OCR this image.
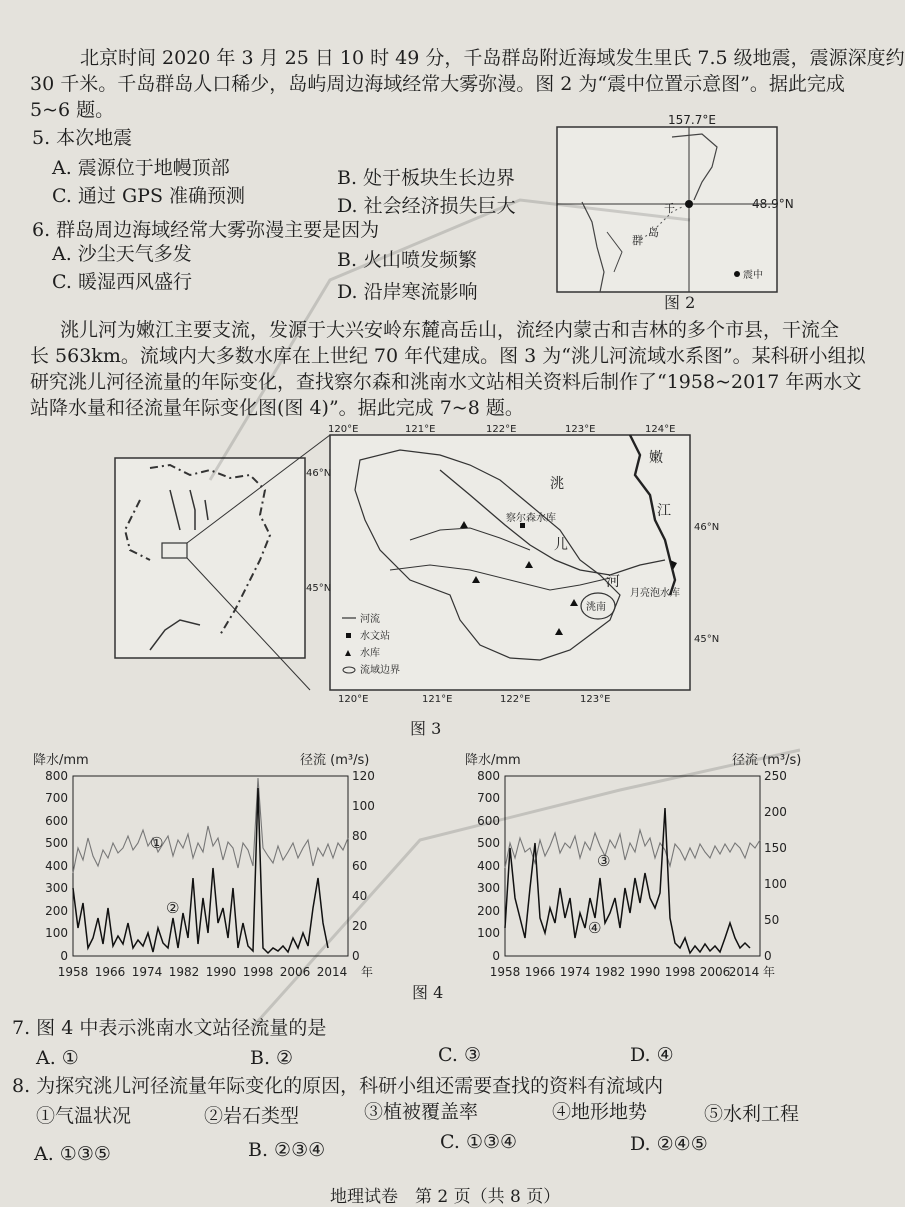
北京时间 2020 年 3 月 25 日 10 时 49 分，千岛群岛附近海域发生里氏 7.5 级地震，震源深度约
30 千米。千岛群岛人口稀少，岛屿周边海域经常大雾弥漫。图 2 为“震中位置示意图”。据此完成
5~6 题。
5. 本次地震
A. 震源位于地幔顶部	B. 处于板块生长边界
C. 通过 GPS 准确预测	D. 社会经济损失巨大
6. 群岛周边海域经常大雾弥漫主要是因为
A. 沙尘天气多发	B. 火山喷发频繁
C. 暖湿西风盛行	D. 沿岸寒流影响
157.7°E
48.9°N
千
岛
群
震中
图 2
洮儿河为嫩江主要支流，发源于大兴安岭东麓高岳山，流经内蒙古和吉林的多个市县，干流全
长 563km。流域内大多数水库在上世纪 70 年代建成。图 3 为“洮儿河流域水系图”。某科研小组拟
研究洮儿河径流量的年际变化，查找察尔森和洮南水文站相关资料后制作了“1958~2017 年两水文
站降水量和径流量年际变化图(图 4)”。据此完成 7~8 题。
120°E	121°E	122°E	123°E	124°E
120°E	121°E	122°E	123°E
46°N
45°N
46°N
45°N
洮
儿
河
嫩
江
察尔森水库
洮南
月亮泡水库
河流
水文站
水库
流域边界
图 3
降水/mm	径流 (m³/s)
800
700
600
500
400
300
200
100
0
120
100
80
60
40
20
0
1958 1966 1974 1982 1990 1998 2006 2014 年
①
②
降水/mm	径流 (m³/s)
800
700
600
500
400
300
200
100
0
250
200
150
100
50
0
1958 1966 1974 1982 1990 1998 2006
2014 年
③
④
图 4
7. 图 4 中表示洮南水文站径流量的是
A. ①	B. ②	C. ③	D. ④
8. 为探究洮儿河径流量年际变化的原因，科研小组还需要查找的资料有流域内
①气温状况	②岩石类型	③植被覆盖率	④地形地势	⑤水利工程
A. ①③⑤	B. ②③④	C. ①③④	D. ②④⑤
地理试卷　第 2 页（共 8 页）
